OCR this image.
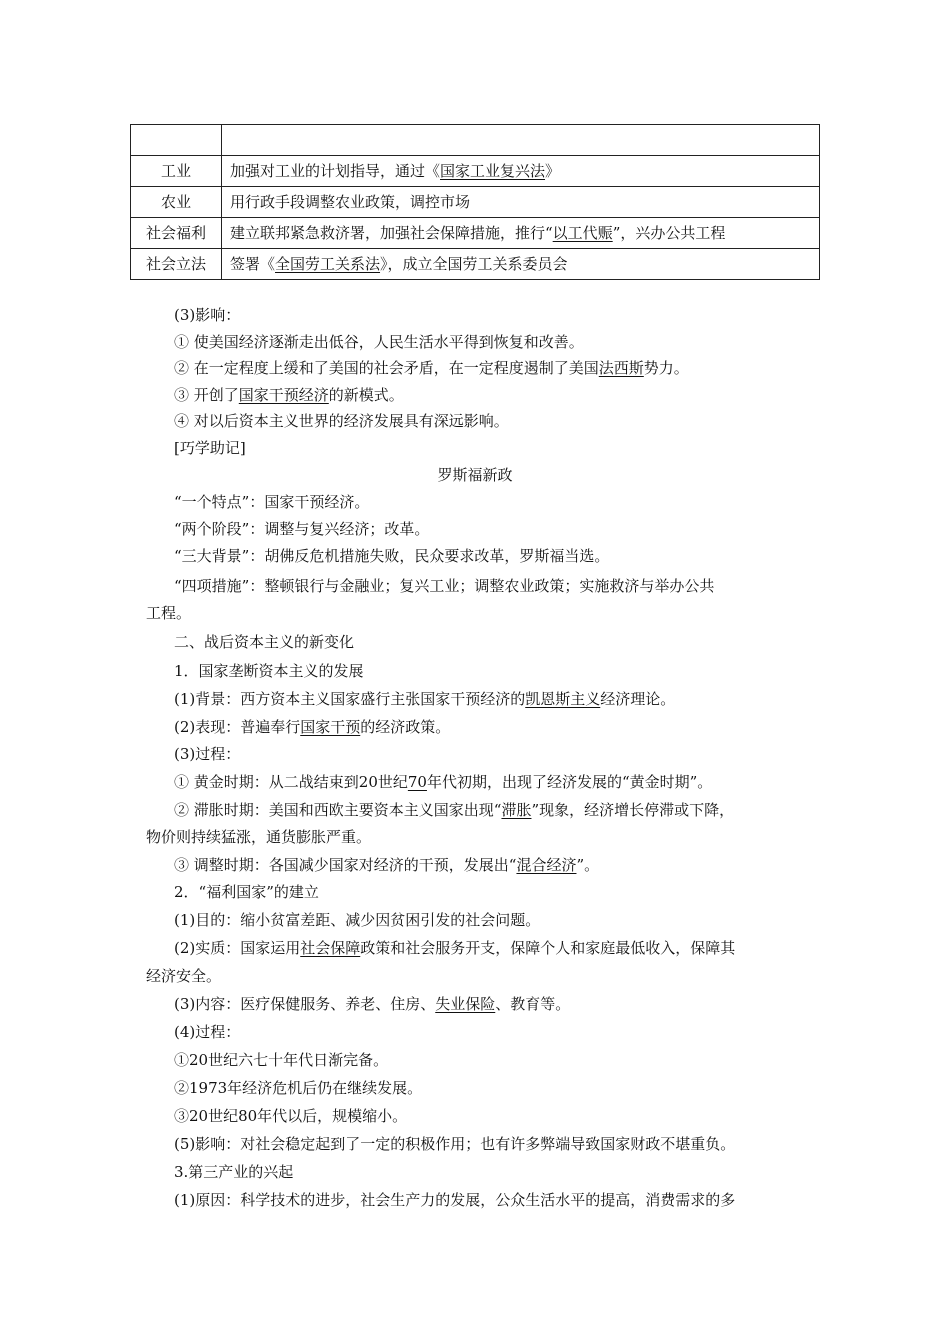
工业	加强对工业的计划指导，通过《国家工业复兴法》
农业	用行政手段调整农业政策，调控市场
社会福利	建立联邦紧急救济署，加强社会保障措施，推行“以工代赈”，兴办公共工程
社会立法	签署《全国劳工关系法》，成立全国劳工关系委员会
(3)影响：
① 使美国经济逐渐走出低谷，人民生活水平得到恢复和改善。
② 在一定程度上缓和了美国的社会矛盾，在一定程度遏制了美国法西斯势力。
③ 开创了国家干预经济的新模式。
④ 对以后资本主义世界的经济发展具有深远影响。
[巧学助记]
罗斯福新政
“一个特点”：国家干预经济。
“两个阶段”：调整与复兴经济；改革。
“三大背景”：胡佛反危机措施失败，民众要求改革，罗斯福当选。
“四项措施”：整顿银行与金融业；复兴工业；调整农业政策；实施救济与举办公共
工程。
二、战后资本主义的新变化
1．国家垄断资本主义的发展
(1)背景：西方资本主义国家盛行主张国家干预经济的凯恩斯主义经济理论。
(2)表现：普遍奉行国家干预的经济政策。
(3)过程：
① 黄金时期：从二战结束到20世纪70年代初期，出现了经济发展的“黄金时期”。
② 滞胀时期：美国和西欧主要资本主义国家出现“滞胀”现象，经济增长停滞或下降，
物价则持续猛涨，通货膨胀严重。
③ 调整时期：各国减少国家对经济的干预，发展出“混合经济”。
2．“福利国家”的建立
(1)目的：缩小贫富差距、减少因贫困引发的社会问题。
(2)实质：国家运用社会保障政策和社会服务开支，保障个人和家庭最低收入，保障其
经济安全。
(3)内容：医疗保健服务、养老、住房、失业保险、教育等。
(4)过程：
①20世纪六七十年代日渐完备。
②1973年经济危机后仍在继续发展。
③20世纪80年代以后，规模缩小。
(5)影响：对社会稳定起到了一定的积极作用；也有许多弊端导致国家财政不堪重负。
3.第三产业的兴起
(1)原因：科学技术的进步，社会生产力的发展，公众生活水平的提高，消费需求的多
